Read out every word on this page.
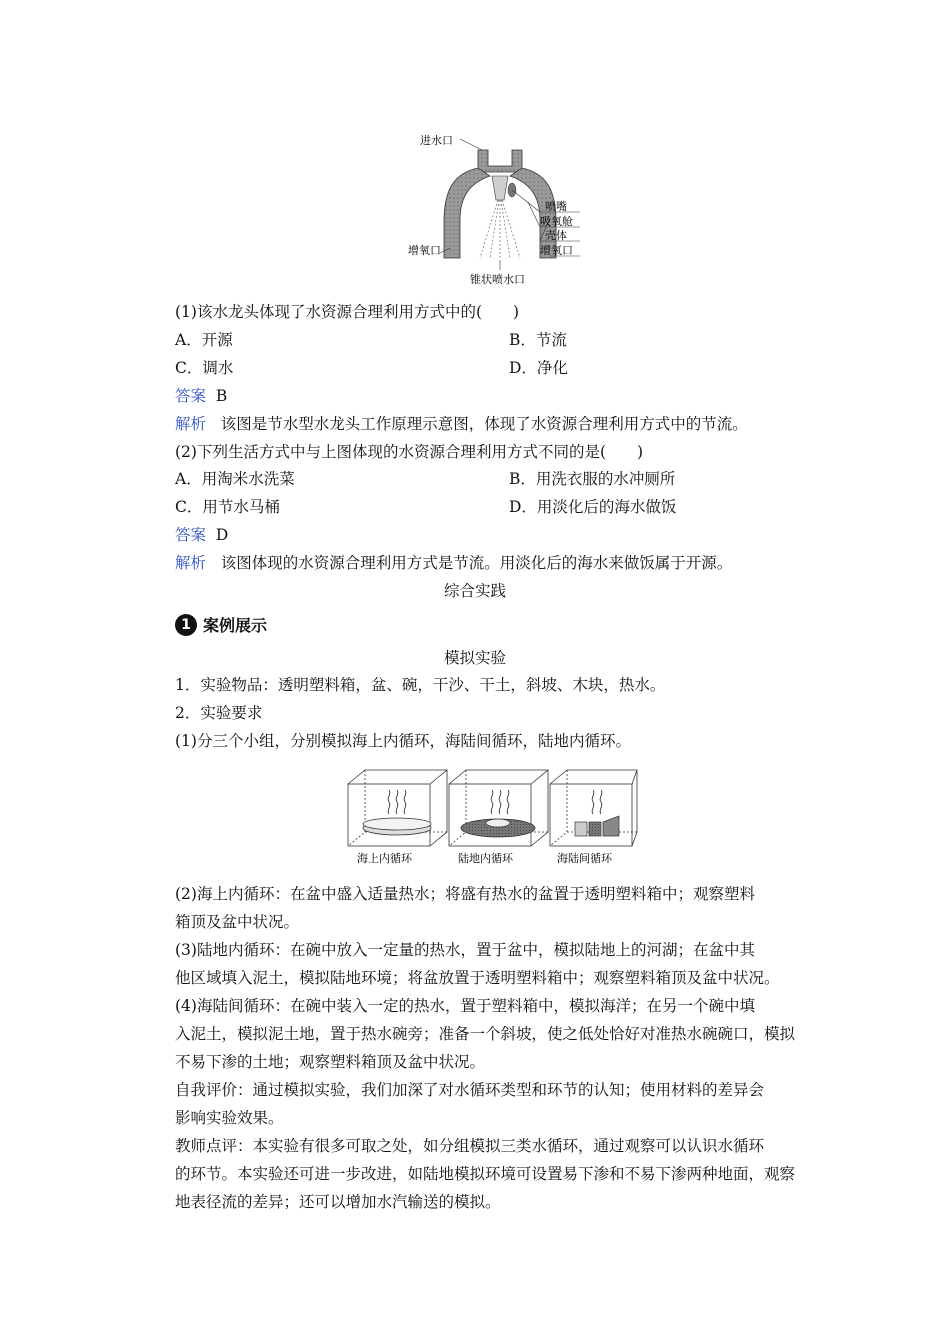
进水口
喷嘴
吸氧舱
壳体
增氧口
增氧口
锥状喷水口
(1)该水龙头体现了水资源合理利用方式中的(　　)
A．开源	B．节流
C．调水	D．净化
答案 B
解析 该图是节水型水龙头工作原理示意图，体现了水资源合理利用方式中的节流。
(2)下列生活方式中与上图体现的水资源合理利用方式不同的是(　　)
A．用淘米水洗菜	B．用洗衣服的水冲厕所
C．用节水马桶	D．用淡化后的海水做饭
答案 D
解析 该图体现的水资源合理利用方式是节流。用淡化后的海水来做饭属于开源。
综合实践
1 案例展示
模拟实验
1．实验物品：透明塑料箱，盆、碗，干沙、干土，斜坡、木块，热水。
2．实验要求
(1)分三个小组，分别模拟海上内循环，海陆间循环，陆地内循环。
海上内循环	陆地内循环	海陆间循环
(2)海上内循环：在盆中盛入适量热水；将盛有热水的盆置于透明塑料箱中；观察塑料
箱顶及盆中状况。
(3)陆地内循环：在碗中放入一定量的热水，置于盆中，模拟陆地上的河湖；在盆中其
他区域填入泥土，模拟陆地环境；将盆放置于透明塑料箱中；观察塑料箱顶及盆中状况。
(4)海陆间循环：在碗中装入一定的热水，置于塑料箱中，模拟海洋；在另一个碗中填
入泥土，模拟泥土地，置于热水碗旁；准备一个斜坡，使之低处恰好对准热水碗碗口，模拟
不易下渗的土地；观察塑料箱顶及盆中状况。
自我评价：通过模拟实验，我们加深了对水循环类型和环节的认知；使用材料的差异会
影响实验效果。
教师点评：本实验有很多可取之处，如分组模拟三类水循环，通过观察可以认识水循环
的环节。本实验还可进一步改进，如陆地模拟环境可设置易下渗和不易下渗两种地面，观察
地表径流的差异；还可以增加水汽输送的模拟。
